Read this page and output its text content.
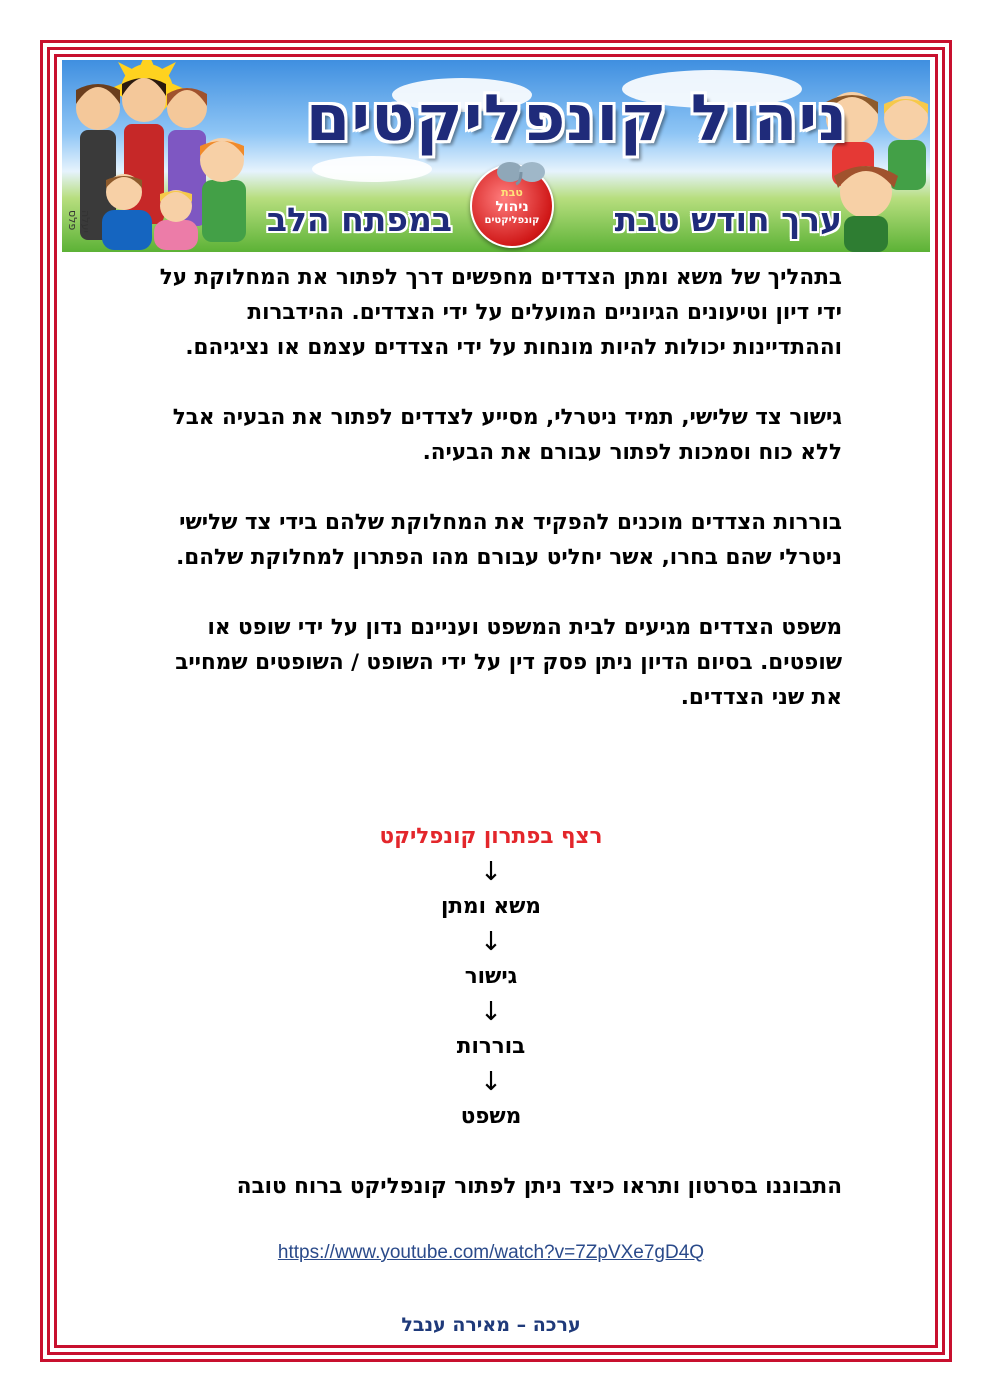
ניהול קונפליקטים
ערך חודש טבת
במפתח הלב
טבת
ניהול
קונפליקטים
יעלה פלס

בתהליך של משא ומתן הצדדים מחפשים דרך לפתור את המחלוקת על ידי דיון וטיעונים הגיוניים המועלים על ידי הצדדים. ההידברות וההתדיינות יכולות להיות מונחות על ידי הצדדים עצמם או נציגיהם.

גישור צד שלישי, תמיד ניטרלי, מסייע לצדדים לפתור את הבעיה אבל ללא כוח וסמכות לפתור עבורם את הבעיה.

בוררות הצדדים מוכנים להפקיד את המחלוקת שלהם בידי צד שלישי ניטרלי שהם בחרו, אשר יחליט עבורם מהו הפתרון למחלוקת שלהם.

משפט הצדדים מגיעים לבית המשפט ועניינם נדון על ידי שופט או שופטים. בסיום הדיון ניתן פסק דין על ידי השופט / השופטים שמחייב את שני הצדדים.

רצף בפתרון קונפליקט
↓
משא ומתן
↓
גישור
↓
בוררות
↓
משפט
התבוננו בסרטון ותראו כיצד ניתן לפתור קונפליקט ברוח טובה
https://www.youtube.com/watch?v=7ZpVXe7gD4Q
ערכה – מאירה ענבל
